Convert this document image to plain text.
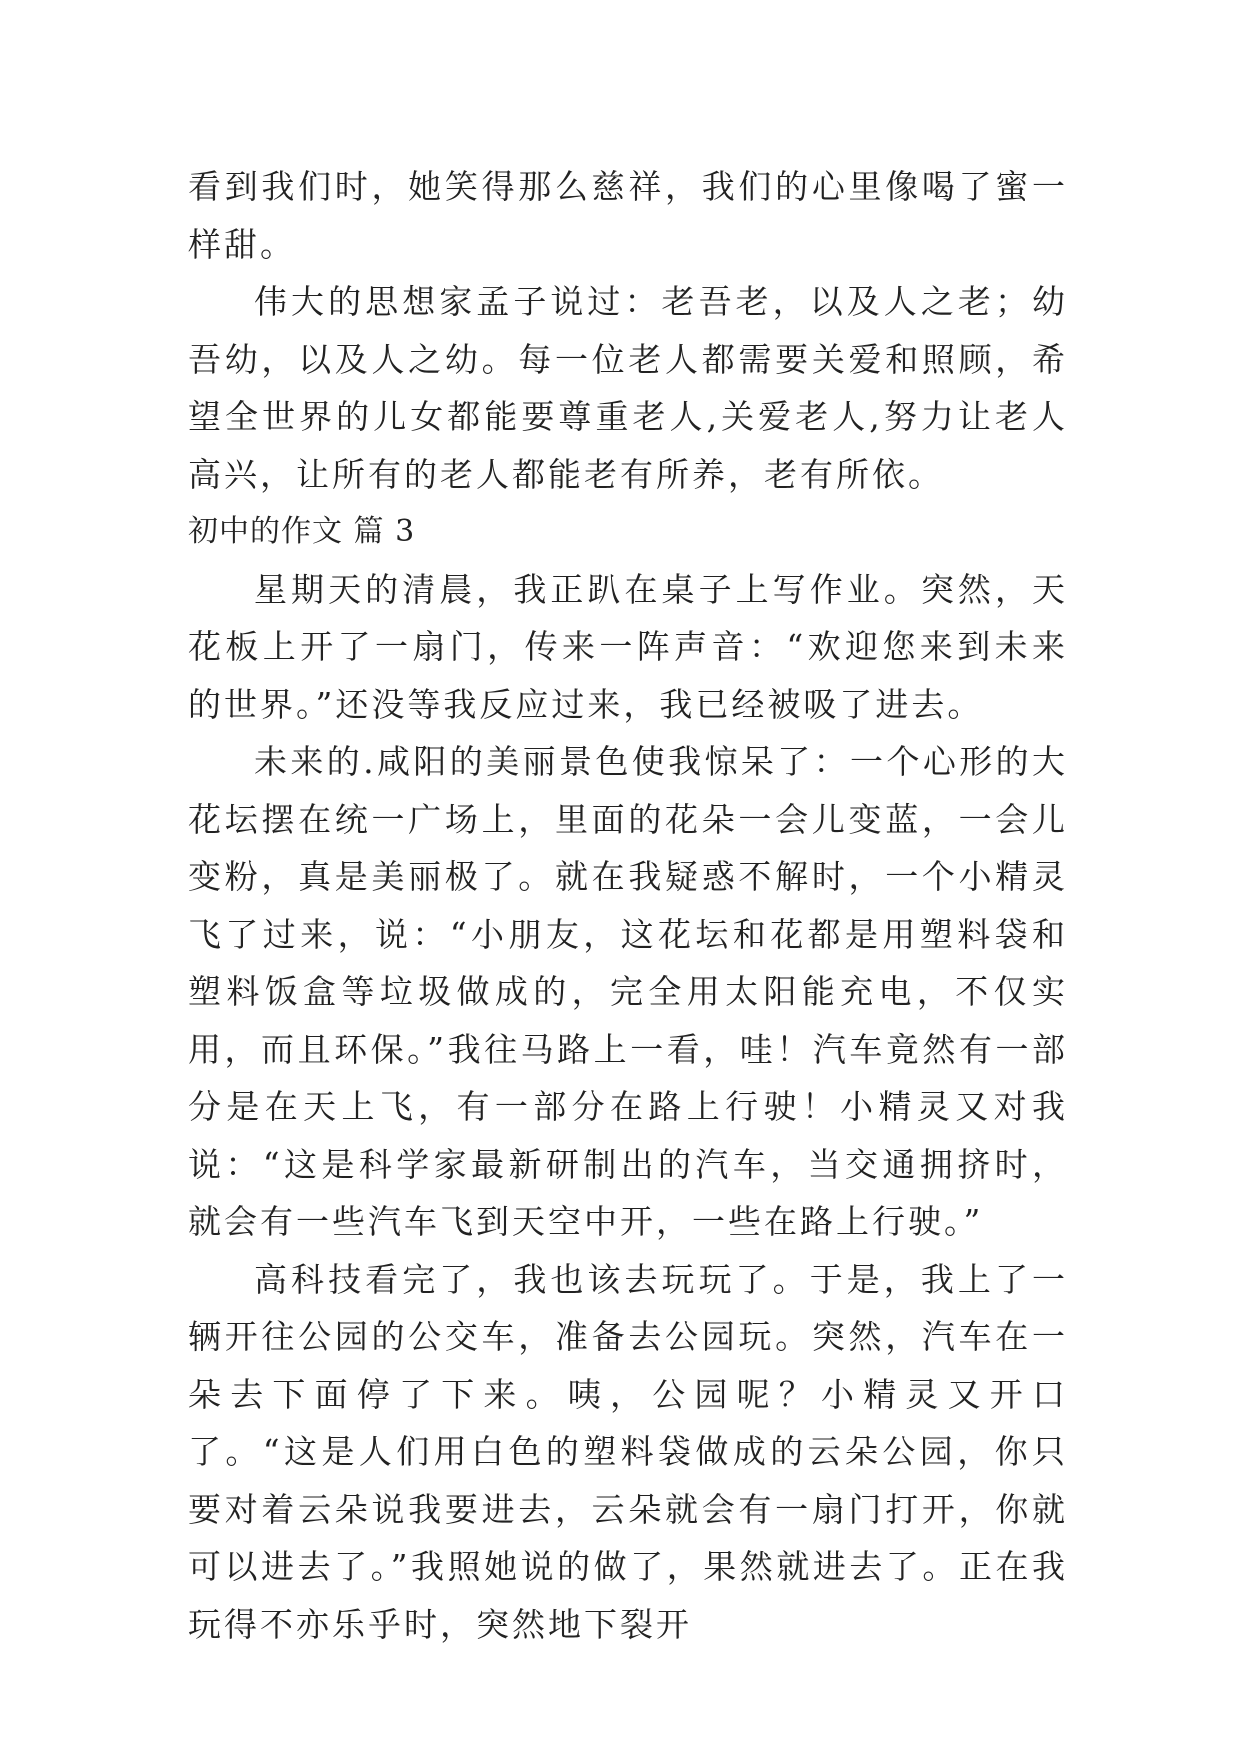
看到我们时，她笑得那么慈祥，我们的心里像喝了蜜一样甜。

伟大的思想家孟子说过：老吾老，以及人之老；幼吾幼，以及人之幼。每一位老人都需要关爱和照顾，希望全世界的儿女都能要尊重老人,关爱老人,努力让老人高兴，让所有的老人都能老有所养，老有所依。

初中的作文 篇 3

星期天的清晨，我正趴在桌子上写作业。突然，天花板上开了一扇门，传来一阵声音：“欢迎您来到未来的世界。”还没等我反应过来，我已经被吸了进去。

未来的.咸阳的美丽景色使我惊呆了：一个心形的大花坛摆在统一广场上，里面的花朵一会儿变蓝，一会儿变粉，真是美丽极了。就在我疑惑不解时，一个小精灵飞了过来，说：“小朋友，这花坛和花都是用塑料袋和塑料饭盒等垃圾做成的，完全用太阳能充电，不仅实用，而且环保。”我往马路上一看，哇！汽车竟然有一部分是在天上飞，有一部分在路上行驶！小精灵又对我说：“这是科学家最新研制出的汽车，当交通拥挤时，就会有一些汽车飞到天空中开，一些在路上行驶。”

高科技看完了，我也该去玩玩了。于是，我上了一辆开往公园的公交车，准备去公园玩。突然，汽车在一朵去下面停了下来。咦，公园呢？小精灵又开口了。“这是人们用白色的塑料袋做成的云朵公园，你只要对着云朵说我要进去，云朵就会有一扇门打开，你就可以进去了。”我照她说的做了，果然就进去了。正在我玩得不亦乐乎时，突然地下裂开
